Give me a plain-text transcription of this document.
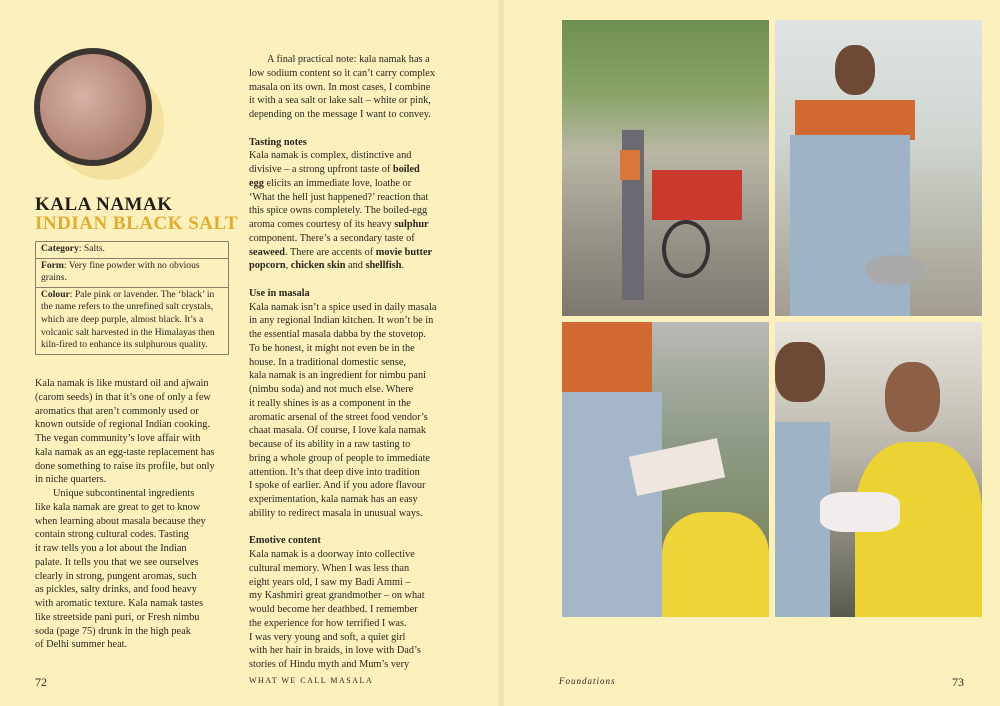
KALA NAMAK
INDIAN BLACK SALT
Category: Salts.
Form: Very fine powder with no obvious grains.
Colour: Pale pink or lavender. The ‘black’ in the name refers to the unrefined salt crystals, which are deep purple, almost black. It’s a volcanic salt harvested in the Himalayas then kiln-fired to enhance its sulphurous quality.
Kala namak is like mustard oil and ajwain
(carom seeds) in that it’s one of only a few
aromatics that aren’t commonly used or
known outside of regional Indian cooking.
The vegan community’s love affair with
kala namak as an egg-taste replacement has
done something to raise its profile, but only
in niche quarters.
Unique subcontinental ingredients
like kala namak are great to get to know
when learning about masala because they
contain strong cultural codes. Tasting
it raw tells you a lot about the Indian
palate. It tells you that we see ourselves
clearly in strong, pungent aromas, such
as pickles, salty drinks, and food heavy
with aromatic texture. Kala namak tastes
like streetside pani puri, or Fresh nimbu
soda (page 75) drunk in the high peak
of Delhi summer heat.
A final practical note: kala namak has a
low sodium content so it can’t carry complex
masala on its own. In most cases, I combine
it with a sea salt or lake salt – white or pink,
depending on the message I want to convey.
Tasting notes
Kala namak is complex, distinctive and
divisive – a strong upfront taste of boiled
egg elicits an immediate love, loathe or
‘What the hell just happened?’ reaction that
this spice owns completely. The boiled-egg
aroma comes courtesy of its heavy sulphur
component. There’s a secondary taste of
seaweed. There are accents of movie butter
popcorn, chicken skin and shellfish.
Use in masala
Kala namak isn’t a spice used in daily masala
in any regional Indian kitchen. It won’t be in
the essential masala dabba by the stovetop.
To be honest, it might not even be in the
house. In a traditional domestic sense,
kala namak is an ingredient for nimbu pani
(nimbu soda) and not much else. Where
it really shines is as a component in the
aromatic arsenal of the street food vendor’s
chaat masala. Of course, I love kala namak
because of its ability in a raw tasting to
bring a whole group of people to immediate
attention. It’s that deep dive into tradition
I spoke of earlier. And if you adore flavour
experimentation, kala namak has an easy
ability to redirect masala in unusual ways.
Emotive content
Kala namak is a doorway into collective
cultural memory. When I was less than
eight years old, I saw my Badi Ammi –
my Kashmiri great grandmother – on what
would become her deathbed. I remember
the experience for how terrified I was.
I was very young and soft, a quiet girl
with her hair in braids, in love with Dad’s
stories of Hindu myth and Mum’s very
72	WHAT WE CALL MASALA	Foundations	73
